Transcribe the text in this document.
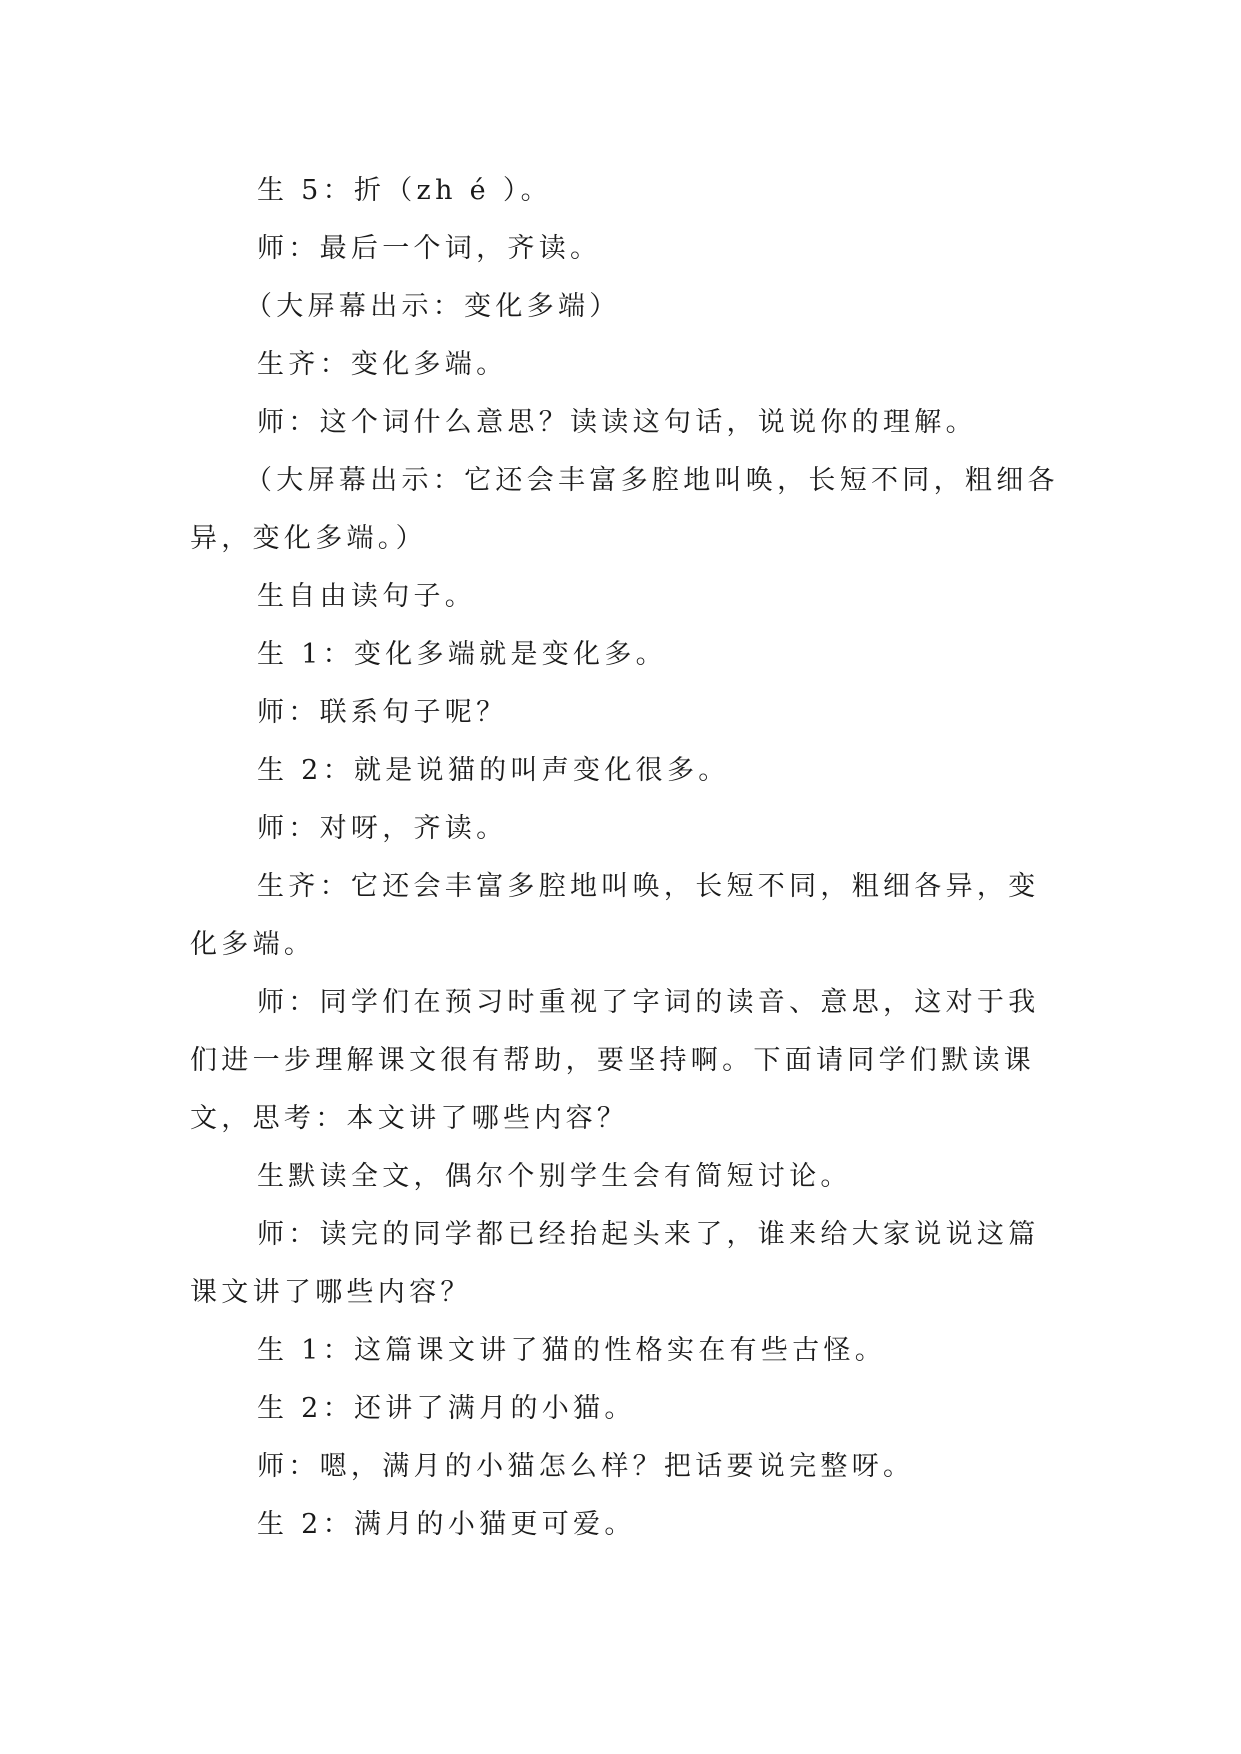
生 5：折（zh é ）。

师：最后一个词，齐读。

（大屏幕出示：变化多端）

生齐：变化多端。

师：这个词什么意思？读读这句话，说说你的理解。

（大屏幕出示：它还会丰富多腔地叫唤，长短不同，粗细各异，变化多端。）

生自由读句子。

生 1：变化多端就是变化多。

师：联系句子呢？

生 2：就是说猫的叫声变化很多。

师：对呀，齐读。

生齐：它还会丰富多腔地叫唤，长短不同，粗细各异，变化多端。

师：同学们在预习时重视了字词的读音、意思，这对于我们进一步理解课文很有帮助，要坚持啊。下面请同学们默读课文，思考：本文讲了哪些内容？

生默读全文，偶尔个别学生会有简短讨论。

师：读完的同学都已经抬起头来了，谁来给大家说说这篇课文讲了哪些内容？

生 1：这篇课文讲了猫的性格实在有些古怪。

生 2：还讲了满月的小猫。

师：嗯，满月的小猫怎么样？把话要说完整呀。

生 2：满月的小猫更可爱。
